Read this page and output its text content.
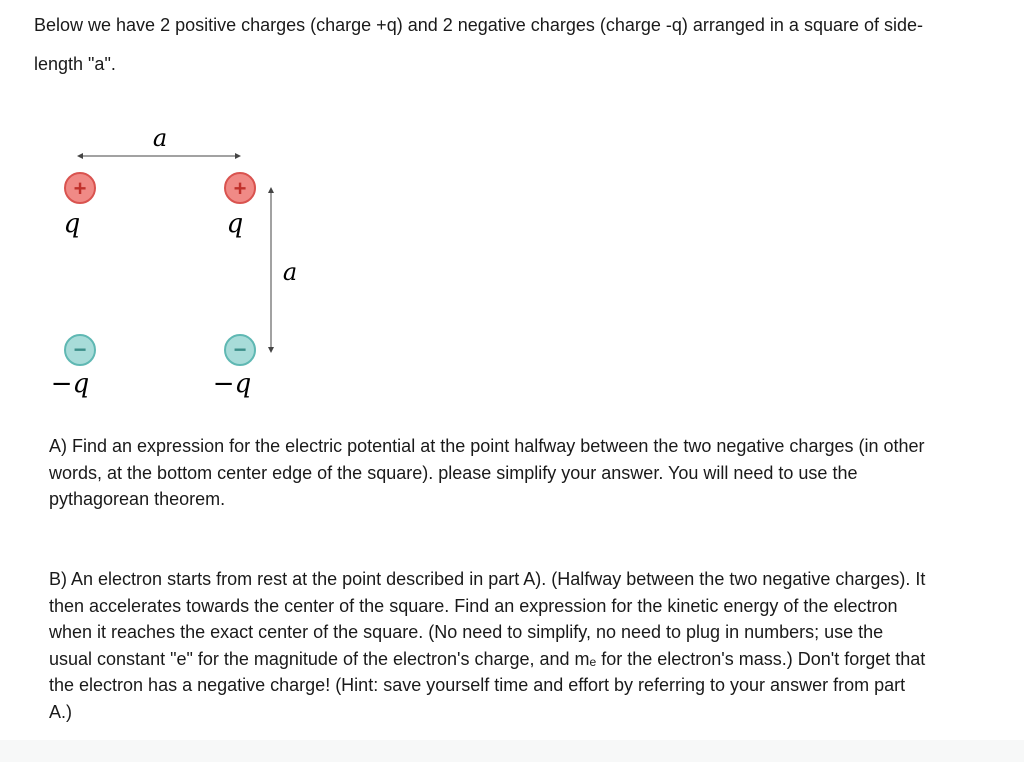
Below we have 2 positive charges (charge +q) and 2 negative charges (charge -q) arranged in a square of side-length "a".

a
a
+
q
+
q
−
−q
−
−q

A) Find an expression for the electric potential at the point halfway between the two negative charges (in other words, at the bottom center edge of the square). please simplify your answer. You will need to use the pythagorean theorem.

B) An electron starts from rest at the point described in part A). (Halfway between the two negative charges). It then accelerates towards the center of the square. Find an expression for the kinetic energy of the electron when it reaches the exact center of the square. (No need to simplify, no need to plug in numbers; use the usual constant "e" for the magnitude of the electron's charge, and mₑ for the electron's mass.) Don't forget that the electron has a negative charge! (Hint: save yourself time and effort by referring to your answer from part A.)
